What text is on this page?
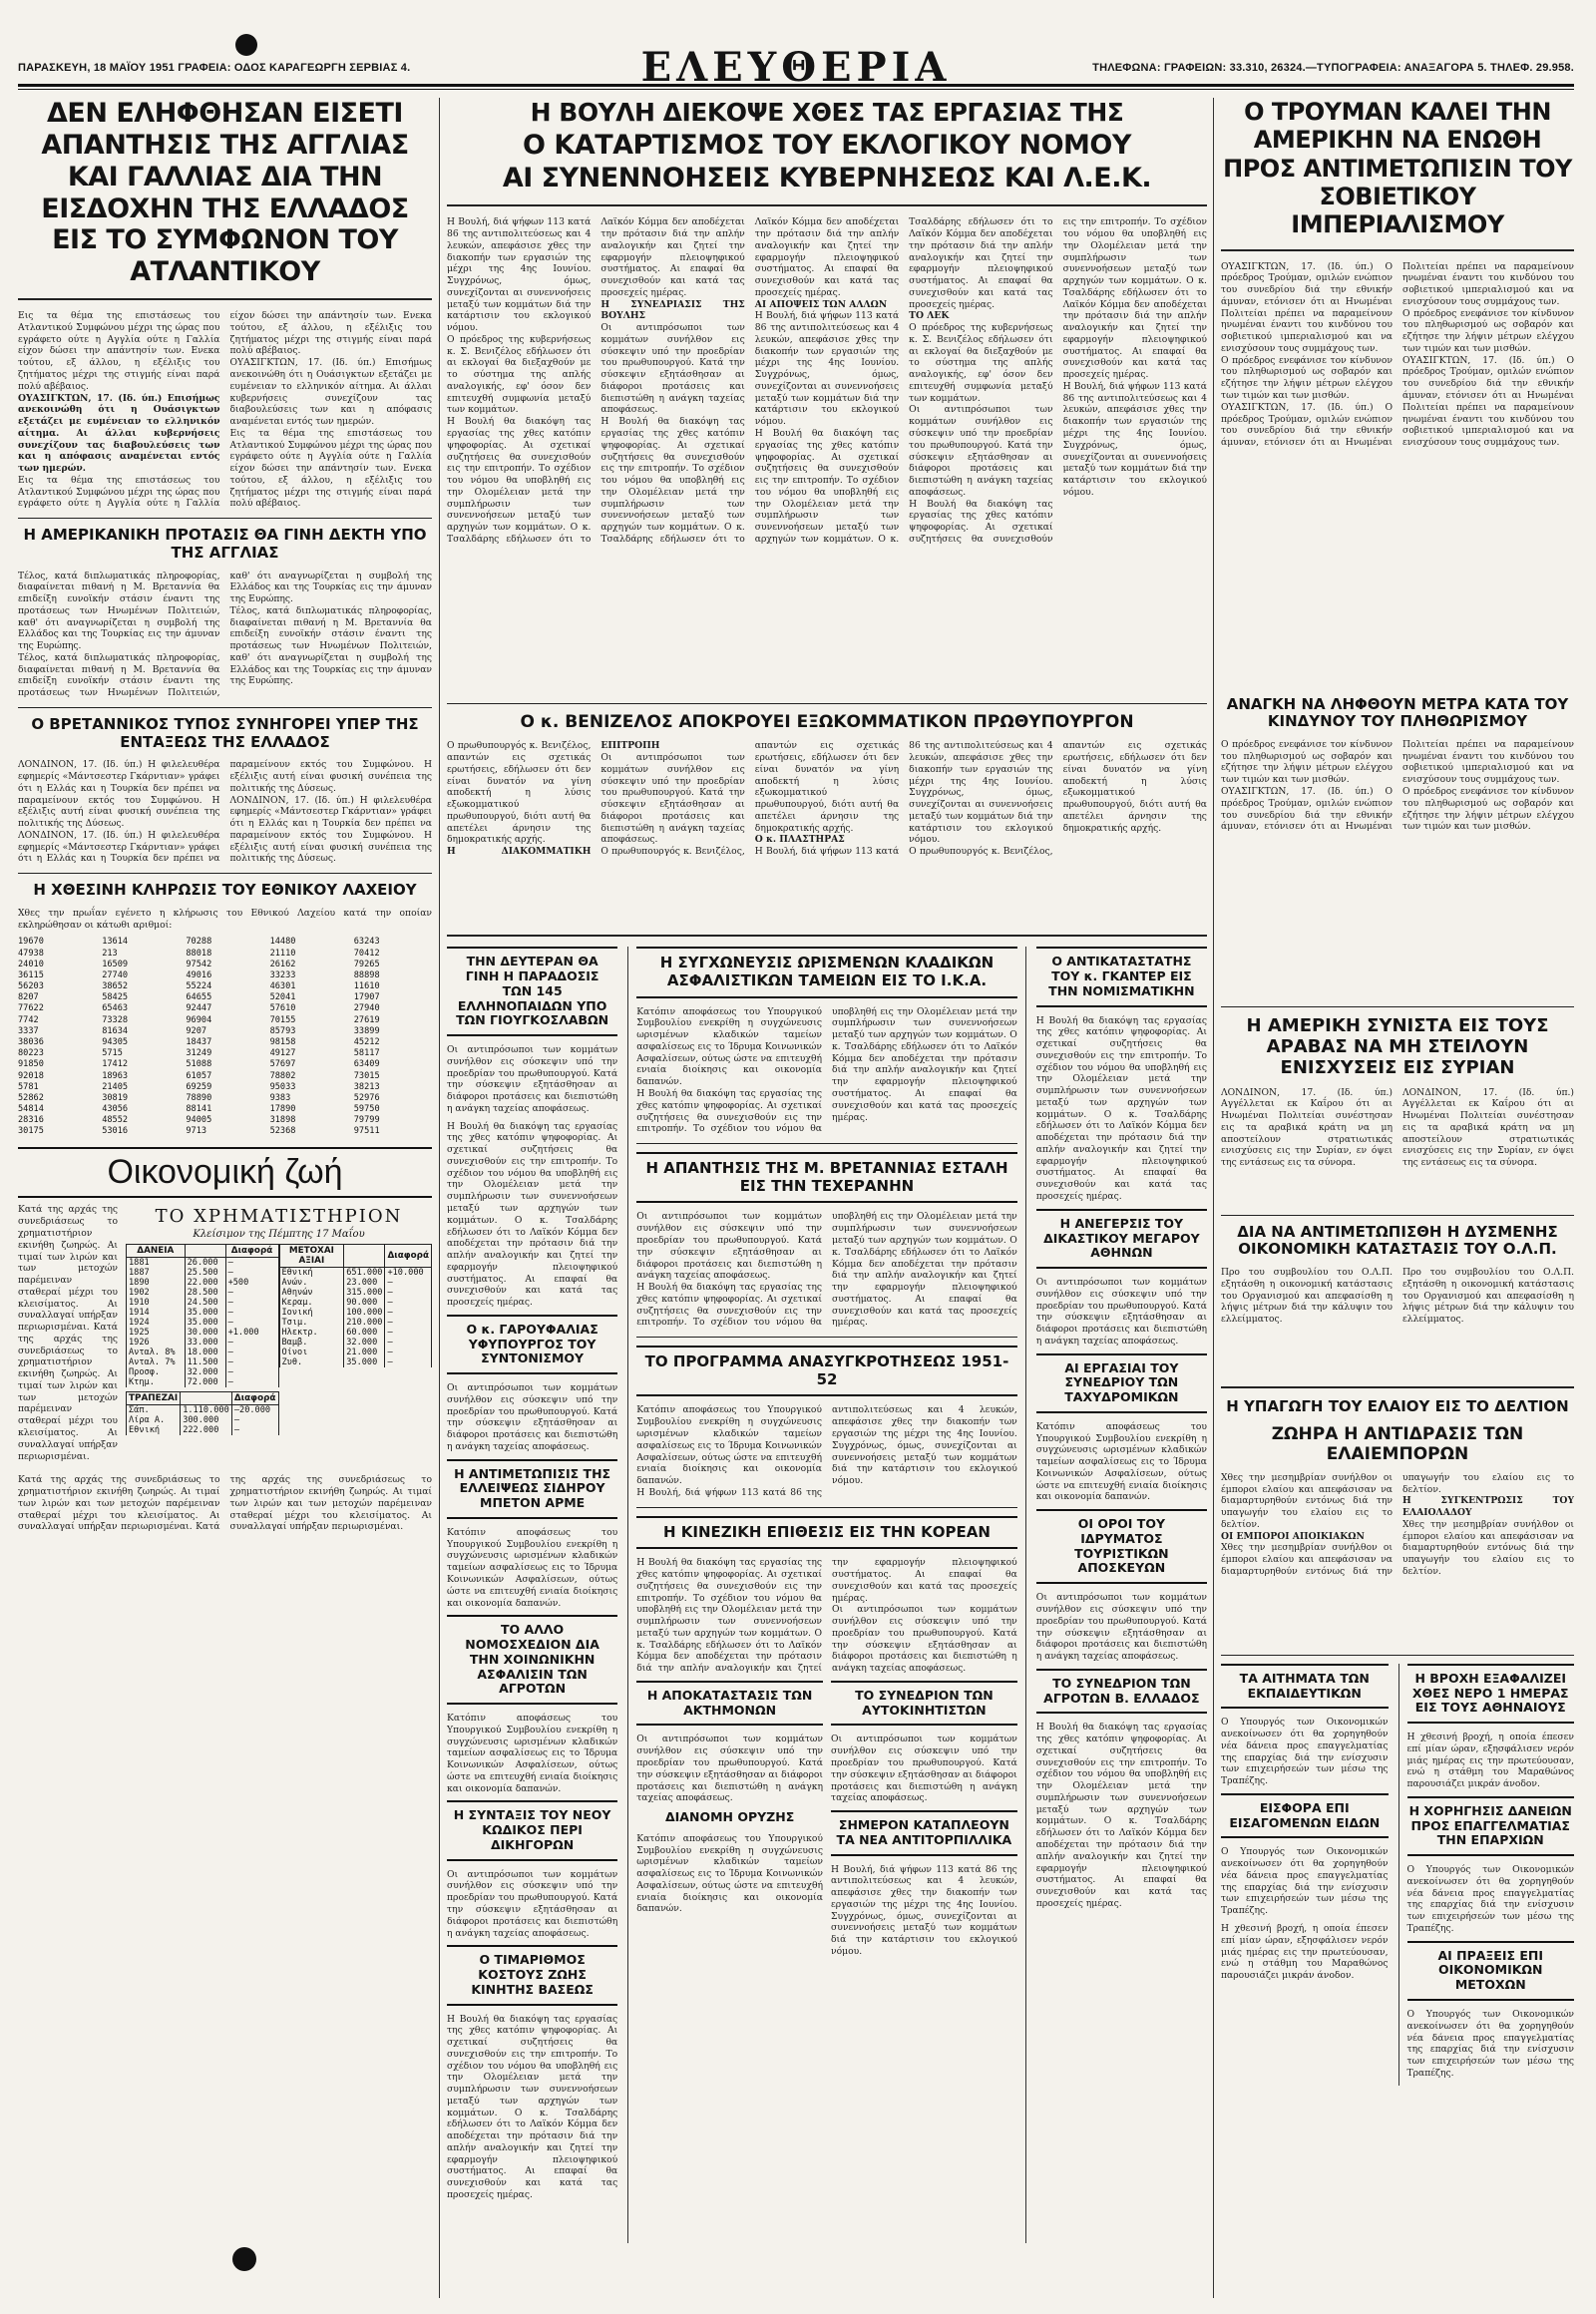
ΠΑΡΑΣΚΕΥΗ, 18 ΜΑΪΟΥ 1951 ΓΡΑΦΕΙΑ: ΟΔΟΣ ΚΑΡΑΓΕΩΡΓΗ ΣΕΡΒΙΑΣ 4.	ΕΛΕΥΘΕΡΙΑ	ΤΗΛΕΦΩΝΑ: ΓΡΑΦΕΙΩΝ: 33.310, 26324.—ΤΥΠΟΓΡΑΦΕΙΑ: ΑΝΑΞΑΓΟΡΑ 5. ΤΗΛΕΦ. 29.958.
ΔΕΝ ΕΛΗΦΘΗΣΑΝ ΕΙΣΕΤΙ ΑΠΑΝΤΗΣΙΣ ΤΗΣ ΑΓΓΛΙΑΣ ΚΑΙ ΓΑΛΛΙΑΣ ΔΙΑ ΤΗΝ ΕΙΣΔΟΧΗΝ ΤΗΣ ΕΛΛΑΔΟΣ ΕΙΣ ΤΟ ΣΥΜΦΩΝΟΝ ΤΟΥ ΑΤΛΑΝΤΙΚΟΥ
Εις τα θέμα της επιστάσεως του Ατλαντικού Συμφώνου μέχρι της ώρας που εγράφετο ούτε η Αγγλία ούτε η Γαλλία είχον δώσει την απάντησίν των. Ενεκα τούτου, εξ άλλου, η εξέλιξις του ζητήματος μέχρι της στιγμής είναι παρά πολύ αβέβαιος.
ΟΥΑΣΙΓΚΤΩΝ, 17. (Ιδ. ύπ.) Επισήμως ανεκοινώθη ότι η Ουάσιγκτων εξετάζει με ευμένειαν το ελληνικόν αίτημα. Αι άλλαι κυβερνήσεις συνεχίζουν τας διαβουλεύσεις των και η απόφασις αναμένεται εντός των ημερών.
Εις τα θέμα της επιστάσεως του Ατλαντικού Συμφώνου μέχρι της ώρας που εγράφετο ούτε η Αγγλία ούτε η Γαλλία είχον δώσει την απάντησίν των. Ενεκα τούτου, εξ άλλου, η εξέλιξις του ζητήματος μέχρι της στιγμής είναι παρά πολύ αβέβαιος.
ΟΥΑΣΙΓΚΤΩΝ, 17. (Ιδ. ύπ.) Επισήμως ανεκοινώθη ότι η Ουάσιγκτων εξετάζει με ευμένειαν το ελληνικόν αίτημα. Αι άλλαι κυβερνήσεις συνεχίζουν τας διαβουλεύσεις των και η απόφασις αναμένεται εντός των ημερών.
Εις τα θέμα της επιστάσεως του Ατλαντικού Συμφώνου μέχρι της ώρας που εγράφετο ούτε η Αγγλία ούτε η Γαλλία είχον δώσει την απάντησίν των. Ενεκα τούτου, εξ άλλου, η εξέλιξις του ζητήματος μέχρι της στιγμής είναι παρά πολύ αβέβαιος.
Η ΑΜΕΡΙΚΑΝΙΚΗ ΠΡΟΤΑΣΙΣ ΘΑ ΓΙΝΗ ΔΕΚΤΗ ΥΠΟ ΤΗΣ ΑΓΓΛΙΑΣ
Τέλος, κατά διπλωματικάς πληροφορίας, διαφαίνεται πιθανή η Μ. Βρεταννία θα επιδείξη ευνοϊκήν στάσιν έναντι της προτάσεως των Ηνωμένων Πολιτειών, καθ' ότι αναγνωρίζεται η συμβολή της Ελλάδος και της Τουρκίας εις την άμυναν της Ευρώπης.
Τέλος, κατά διπλωματικάς πληροφορίας, διαφαίνεται πιθανή η Μ. Βρεταννία θα επιδείξη ευνοϊκήν στάσιν έναντι της προτάσεως των Ηνωμένων Πολιτειών, καθ' ότι αναγνωρίζεται η συμβολή της Ελλάδος και της Τουρκίας εις την άμυναν της Ευρώπης.
Τέλος, κατά διπλωματικάς πληροφορίας, διαφαίνεται πιθανή η Μ. Βρεταννία θα επιδείξη ευνοϊκήν στάσιν έναντι της προτάσεως των Ηνωμένων Πολιτειών, καθ' ότι αναγνωρίζεται η συμβολή της Ελλάδος και της Τουρκίας εις την άμυναν της Ευρώπης.
Ο ΒΡΕΤΑΝΝΙΚΟΣ ΤΥΠΟΣ ΣΥΝΗΓΟΡΕΙ ΥΠΕΡ ΤΗΣ ΕΝΤΑΞΕΩΣ ΤΗΣ ΕΛΛΑΔΟΣ
ΛΟΝΔΙΝΟΝ, 17. (Ιδ. ύπ.) Η φιλελευθέρα εφημερίς «Μάντσεστερ Γκάρντιαν» γράφει ότι η Ελλάς και η Τουρκία δεν πρέπει να παραμείνουν εκτός του Συμφώνου. Η εξέλιξις αυτή είναι φυσική συνέπεια της πολιτικής της Δύσεως.
ΛΟΝΔΙΝΟΝ, 17. (Ιδ. ύπ.) Η φιλελευθέρα εφημερίς «Μάντσεστερ Γκάρντιαν» γράφει ότι η Ελλάς και η Τουρκία δεν πρέπει να παραμείνουν εκτός του Συμφώνου. Η εξέλιξις αυτή είναι φυσική συνέπεια της πολιτικής της Δύσεως.
ΛΟΝΔΙΝΟΝ, 17. (Ιδ. ύπ.) Η φιλελευθέρα εφημερίς «Μάντσεστερ Γκάρντιαν» γράφει ότι η Ελλάς και η Τουρκία δεν πρέπει να παραμείνουν εκτός του Συμφώνου. Η εξέλιξις αυτή είναι φυσική συνέπεια της πολιτικής της Δύσεως.
Η ΧΘΕΣΙΝΗ ΚΛΗΡΩΣΙΣ ΤΟΥ ΕΘΝΙΚΟΥ ΛΑΧΕΙΟΥ
Χθες την πρωΐαν εγένετο η κλήρωσις του Εθνικού Λαχείου κατά την οποίαν εκληρώθησαν οι κάτωθι αριθμοί:
19670
47938
24010
36115
56203
8207
77622
7742
3337
38036
80223
91850
92018
5781
52862
54814
28316
30175
13614
213
16509
27740
38652
58425
65463
73328
81634
94305
5715
17412
18963
21405
30819
43056
48552
53016
70288
88018
97542
49016
55224
64655
92447
96904
9207
18437
31249
51088
61057
69259
78890
88141
94005
9713
14480
21110
26162
33233
46301
52041
57610
70155
85793
98158
49127
57697
78802
95033
9383
17890
31898
52368
63243
70412
79265
88898
11610
17907
27940
27619
33899
45212
58117
63409
73015
38213
52976
59750
79799
97511

Οικονομική ζωή
Κατά της αρχάς της συνεδριάσεως το χρηματιστήριον εκινήθη ζωηρώς. Αι τιμαί των λιρών και των μετοχών παρέμειναν σταθεραί μέχρι του κλεισίματος. Αι συναλλαγαί υπήρξαν περιωρισμέναι. Κατά της αρχάς της συνεδριάσεως το χρηματιστήριον εκινήθη ζωηρώς. Αι τιμαί των λιρών και των μετοχών παρέμειναν σταθεραί μέχρι του κλεισίματος. Αι συναλλαγαί υπήρξαν περιωρισμέναι.
ΤΟ ΧΡΗΜΑΤΙΣΤΗΡΙΟΝ
Κλείσιμον της Πέμπτης 17 Μαΐου
ΔΑΝΕΙΑ		Διαφορά
1881	26.000	—
1887	25.500	—
1890	22.000	+500
1902	28.500	—
1910	24.500	—
1914	35.000	—
1924	35.000	—
1925	30.000	+1.000
1926	33.000	—
Ανταλ. 8%	18.000	—
Ανταλ. 7%	11.500	—
Προσφ.	32.000	—
Κτημ.	72.000	—
ΜΕΤΟΧΑΙ ΑΞΙΑΙ		Διαφορά
Εθνική	651.000	+10.000
Ανών.	23.000	—
Αθηνών	315.000	—
Κεραμ.	90.000	—
Ιονική	100.000	—
Τσιμ.	210.000	—
Ηλεκτρ.	60.000	—
Βαμβ.	32.000	—
Οίνοι	21.000	—
Ζυθ.	35.000	—
ΤΡΑΠΕΖΑΙ		Διαφορά
Σάπ.	1.110.000	—20.000
Λίρα Α.	300.000	—
Εθνική	222.000	—
Κατά της αρχάς της συνεδριάσεως το χρηματιστήριον εκινήθη ζωηρώς. Αι τιμαί των λιρών και των μετοχών παρέμειναν σταθεραί μέχρι του κλεισίματος. Αι συναλλαγαί υπήρξαν περιωρισμέναι. Κατά της αρχάς της συνεδριάσεως το χρηματιστήριον εκινήθη ζωηρώς. Αι τιμαί των λιρών και των μετοχών παρέμειναν σταθεραί μέχρι του κλεισίματος. Αι συναλλαγαί υπήρξαν περιωρισμέναι.
Η ΒΟΥΛΗ ΔΙΕΚΟΨΕ ΧΘΕΣ ΤΑΣ ΕΡΓΑΣΙΑΣ ΤΗΣ
Ο ΚΑΤΑΡΤΙΣΜΟΣ ΤΟΥ ΕΚΛΟΓΙΚΟΥ ΝΟΜΟΥ
ΑΙ ΣΥΝΕΝΝΟΗΣΕΙΣ ΚΥΒΕΡΝΗΣΕΩΣ ΚΑΙ Λ.Ε.Κ.
Η Βουλή, διά ψήφων 113 κατά 86 της αντιπολιτεύσεως και 4 λευκών, απεφάσισε χθες την διακοπήν των εργασιών της μέχρι της 4ης Ιουνίου. Συγχρόνως, όμως, συνεχίζονται αι συνεννοήσεις μεταξύ των κομμάτων διά την κατάρτισιν του εκλογικού νόμου.
Ο πρόεδρος της κυβερνήσεως κ. Σ. Βενιζέλος εδήλωσεν ότι αι εκλογαί θα διεξαχθούν με το σύστημα της απλής αναλογικής, εφ' όσον δεν επιτευχθή συμφωνία μεταξύ των κομμάτων.
Η Βουλή θα διακόψη τας εργασίας της χθες κατόπιν ψηφοφορίας. Αι σχετικαί συζητήσεις θα συνεχισθούν εις την επιτροπήν. Το σχέδιον του νόμου θα υποβληθή εις την Ολομέλειαν μετά την συμπλήρωσιν των συνεννοήσεων μεταξύ των αρχηγών των κομμάτων. Ο κ. Τσαλδάρης εδήλωσεν ότι το Λαϊκόν Κόμμα δεν αποδέχεται την πρότασιν διά την απλήν αναλογικήν και ζητεί την εφαρμογήν πλειοψηφικού συστήματος. Αι επαφαί θα συνεχισθούν και κατά τας προσεχείς ημέρας.
Η ΣΥΝΕΔΡΙΑΣΙΣ ΤΗΣ ΒΟΥΛΗΣ
Οι αντιπρόσωποι των κομμάτων συνήλθον εις σύσκεψιν υπό την προεδρίαν του πρωθυπουργού. Κατά την σύσκεψιν εξητάσθησαν αι διάφοροι προτάσεις και διεπιστώθη η ανάγκη ταχείας αποφάσεως.
Η Βουλή θα διακόψη τας εργασίας της χθες κατόπιν ψηφοφορίας. Αι σχετικαί συζητήσεις θα συνεχισθούν εις την επιτροπήν. Το σχέδιον του νόμου θα υποβληθή εις την Ολομέλειαν μετά την συμπλήρωσιν των συνεννοήσεων μεταξύ των αρχηγών των κομμάτων. Ο κ. Τσαλδάρης εδήλωσεν ότι το Λαϊκόν Κόμμα δεν αποδέχεται την πρότασιν διά την απλήν αναλογικήν και ζητεί την εφαρμογήν πλειοψηφικού συστήματος. Αι επαφαί θα συνεχισθούν και κατά τας προσεχείς ημέρας.
ΑΙ ΑΠΟΨΕΙΣ ΤΩΝ ΑΛΛΩΝ
Η Βουλή, διά ψήφων 113 κατά 86 της αντιπολιτεύσεως και 4 λευκών, απεφάσισε χθες την διακοπήν των εργασιών της μέχρι της 4ης Ιουνίου. Συγχρόνως, όμως, συνεχίζονται αι συνεννοήσεις μεταξύ των κομμάτων διά την κατάρτισιν του εκλογικού νόμου.
Η Βουλή θα διακόψη τας εργασίας της χθες κατόπιν ψηφοφορίας. Αι σχετικαί συζητήσεις θα συνεχισθούν εις την επιτροπήν. Το σχέδιον του νόμου θα υποβληθή εις την Ολομέλειαν μετά την συμπλήρωσιν των συνεννοήσεων μεταξύ των αρχηγών των κομμάτων. Ο κ. Τσαλδάρης εδήλωσεν ότι το Λαϊκόν Κόμμα δεν αποδέχεται την πρότασιν διά την απλήν αναλογικήν και ζητεί την εφαρμογήν πλειοψηφικού συστήματος. Αι επαφαί θα συνεχισθούν και κατά τας προσεχείς ημέρας.
ΤΟ ΛΕΚ
Ο πρόεδρος της κυβερνήσεως κ. Σ. Βενιζέλος εδήλωσεν ότι αι εκλογαί θα διεξαχθούν με το σύστημα της απλής αναλογικής, εφ' όσον δεν επιτευχθή συμφωνία μεταξύ των κομμάτων.
Οι αντιπρόσωποι των κομμάτων συνήλθον εις σύσκεψιν υπό την προεδρίαν του πρωθυπουργού. Κατά την σύσκεψιν εξητάσθησαν αι διάφοροι προτάσεις και διεπιστώθη η ανάγκη ταχείας αποφάσεως.
Η Βουλή θα διακόψη τας εργασίας της χθες κατόπιν ψηφοφορίας. Αι σχετικαί συζητήσεις θα συνεχισθούν εις την επιτροπήν. Το σχέδιον του νόμου θα υποβληθή εις την Ολομέλειαν μετά την συμπλήρωσιν των συνεννοήσεων μεταξύ των αρχηγών των κομμάτων. Ο κ. Τσαλδάρης εδήλωσεν ότι το Λαϊκόν Κόμμα δεν αποδέχεται την πρότασιν διά την απλήν αναλογικήν και ζητεί την εφαρμογήν πλειοψηφικού συστήματος. Αι επαφαί θα συνεχισθούν και κατά τας προσεχείς ημέρας.
Η Βουλή, διά ψήφων 113 κατά 86 της αντιπολιτεύσεως και 4 λευκών, απεφάσισε χθες την διακοπήν των εργασιών της μέχρι της 4ης Ιουνίου. Συγχρόνως, όμως, συνεχίζονται αι συνεννοήσεις μεταξύ των κομμάτων διά την κατάρτισιν του εκλογικού νόμου.
Ο κ. ΒΕΝΙΖΕΛΟΣ ΑΠΟΚΡΟΥΕΙ ΕΞΩΚΟΜΜΑΤΙΚΟΝ ΠΡΩΘΥΠΟΥΡΓΟΝ
Ο πρωθυπουργός κ. Βενιζέλος, απαντών εις σχετικάς ερωτήσεις, εδήλωσεν ότι δεν είναι δυνατόν να γίνη αποδεκτή η λύσις εξωκομματικού πρωθυπουργού, διότι αυτή θα απετέλει άρνησιν της δημοκρατικής αρχής.
Η ΔΙΑΚΟΜΜΑΤΙΚΗ ΕΠΙΤΡΟΠΗ
Οι αντιπρόσωποι των κομμάτων συνήλθον εις σύσκεψιν υπό την προεδρίαν του πρωθυπουργού. Κατά την σύσκεψιν εξητάσθησαν αι διάφοροι προτάσεις και διεπιστώθη η ανάγκη ταχείας αποφάσεως.
Ο πρωθυπουργός κ. Βενιζέλος, απαντών εις σχετικάς ερωτήσεις, εδήλωσεν ότι δεν είναι δυνατόν να γίνη αποδεκτή η λύσις εξωκομματικού πρωθυπουργού, διότι αυτή θα απετέλει άρνησιν της δημοκρατικής αρχής.
Ο κ. ΠΛΑΣΤΗΡΑΣ
Η Βουλή, διά ψήφων 113 κατά 86 της αντιπολιτεύσεως και 4 λευκών, απεφάσισε χθες την διακοπήν των εργασιών της μέχρι της 4ης Ιουνίου. Συγχρόνως, όμως, συνεχίζονται αι συνεννοήσεις μεταξύ των κομμάτων διά την κατάρτισιν του εκλογικού νόμου.
Ο πρωθυπουργός κ. Βενιζέλος, απαντών εις σχετικάς ερωτήσεις, εδήλωσεν ότι δεν είναι δυνατόν να γίνη αποδεκτή η λύσις εξωκομματικού πρωθυπουργού, διότι αυτή θα απετέλει άρνησιν της δημοκρατικής αρχής.
ΤΗΝ ΔΕΥΤΕΡΑΝ ΘΑ ΓΙΝΗ Η ΠΑΡΑΔΟΣΙΣ ΤΩΝ 145 ΕΛΛΗΝΟΠΑΙΔΩΝ ΥΠΟ ΤΩΝ ΓΙΟΥΓΚΟΣΛΑΒΩΝ
Οι αντιπρόσωποι των κομμάτων συνήλθον εις σύσκεψιν υπό την προεδρίαν του πρωθυπουργού. Κατά την σύσκεψιν εξητάσθησαν αι διάφοροι προτάσεις και διεπιστώθη η ανάγκη ταχείας αποφάσεως.
Η Βουλή θα διακόψη τας εργασίας της χθες κατόπιν ψηφοφορίας. Αι σχετικαί συζητήσεις θα συνεχισθούν εις την επιτροπήν. Το σχέδιον του νόμου θα υποβληθή εις την Ολομέλειαν μετά την συμπλήρωσιν των συνεννοήσεων μεταξύ των αρχηγών των κομμάτων. Ο κ. Τσαλδάρης εδήλωσεν ότι το Λαϊκόν Κόμμα δεν αποδέχεται την πρότασιν διά την απλήν αναλογικήν και ζητεί την εφαρμογήν πλειοψηφικού συστήματος. Αι επαφαί θα συνεχισθούν και κατά τας προσεχείς ημέρας.
Ο κ. ΓΑΡΟΥΦΑΛΙΑΣ ΥΦΥΠΟΥΡΓΟΣ ΤΟΥ ΣΥΝΤΟΝΙΣΜΟΥ
Οι αντιπρόσωποι των κομμάτων συνήλθον εις σύσκεψιν υπό την προεδρίαν του πρωθυπουργού. Κατά την σύσκεψιν εξητάσθησαν αι διάφοροι προτάσεις και διεπιστώθη η ανάγκη ταχείας αποφάσεως.
Η ΑΝΤΙΜΕΤΩΠΙΣΙΣ ΤΗΣ ΕΛΛΕΙΨΕΩΣ ΣΙΔΗΡΟΥ ΜΠΕΤΟΝ ΑΡΜΕ
Κατόπιν αποφάσεως του Υπουργικού Συμβουλίου ενεκρίθη η συγχώνευσις ωρισμένων κλαδικών ταμείων ασφαλίσεως εις το Ίδρυμα Κοινωνικών Ασφαλίσεων, ούτως ώστε να επιτευχθή ενιαία διοίκησις και οικονομία δαπανών.
ΤΟ ΑΛΛΟ ΝΟΜΟΣΧΕΔΙΟΝ ΔΙΑ ΤΗΝ ΧΟΙΝΩΝΙΚΗΝ ΑΣΦΑΛΙΣΙΝ ΤΩΝ ΑΓΡΟΤΩΝ
Κατόπιν αποφάσεως του Υπουργικού Συμβουλίου ενεκρίθη η συγχώνευσις ωρισμένων κλαδικών ταμείων ασφαλίσεως εις το Ίδρυμα Κοινωνικών Ασφαλίσεων, ούτως ώστε να επιτευχθή ενιαία διοίκησις και οικονομία δαπανών.
Η ΣΥΝΤΑΞΙΣ ΤΟΥ ΝΕΟΥ ΚΩΔΙΚΟΣ ΠΕΡΙ ΔΙΚΗΓΟΡΩΝ
Οι αντιπρόσωποι των κομμάτων συνήλθον εις σύσκεψιν υπό την προεδρίαν του πρωθυπουργού. Κατά την σύσκεψιν εξητάσθησαν αι διάφοροι προτάσεις και διεπιστώθη η ανάγκη ταχείας αποφάσεως.
Ο ΤΙΜΑΡΙΘΜΟΣ ΚΟΣΤΟΥΣ ΖΩΗΣ ΚΙΝΗΤΗΣ ΒΑΣΕΩΣ
Η Βουλή θα διακόψη τας εργασίας της χθες κατόπιν ψηφοφορίας. Αι σχετικαί συζητήσεις θα συνεχισθούν εις την επιτροπήν. Το σχέδιον του νόμου θα υποβληθή εις την Ολομέλειαν μετά την συμπλήρωσιν των συνεννοήσεων μεταξύ των αρχηγών των κομμάτων. Ο κ. Τσαλδάρης εδήλωσεν ότι το Λαϊκόν Κόμμα δεν αποδέχεται την πρότασιν διά την απλήν αναλογικήν και ζητεί την εφαρμογήν πλειοψηφικού συστήματος. Αι επαφαί θα συνεχισθούν και κατά τας προσεχείς ημέρας.
Η ΣΥΓΧΩΝΕΥΣΙΣ ΩΡΙΣΜΕΝΩΝ ΚΛΑΔΙΚΩΝ ΑΣΦΑΛΙΣΤΙΚΩΝ ΤΑΜΕΙΩΝ ΕΙΣ ΤΟ Ι.Κ.Α.
Κατόπιν αποφάσεως του Υπουργικού Συμβουλίου ενεκρίθη η συγχώνευσις ωρισμένων κλαδικών ταμείων ασφαλίσεως εις το Ίδρυμα Κοινωνικών Ασφαλίσεων, ούτως ώστε να επιτευχθή ενιαία διοίκησις και οικονομία δαπανών.
Η Βουλή θα διακόψη τας εργασίας της χθες κατόπιν ψηφοφορίας. Αι σχετικαί συζητήσεις θα συνεχισθούν εις την επιτροπήν. Το σχέδιον του νόμου θα υποβληθή εις την Ολομέλειαν μετά την συμπλήρωσιν των συνεννοήσεων μεταξύ των αρχηγών των κομμάτων. Ο κ. Τσαλδάρης εδήλωσεν ότι το Λαϊκόν Κόμμα δεν αποδέχεται την πρότασιν διά την απλήν αναλογικήν και ζητεί την εφαρμογήν πλειοψηφικού συστήματος. Αι επαφαί θα συνεχισθούν και κατά τας προσεχείς ημέρας.
Η ΑΠΑΝΤΗΣΙΣ ΤΗΣ Μ. ΒΡΕΤΑΝΝΙΑΣ ΕΣΤΑΛΗ ΕΙΣ ΤΗΝ ΤΕΧΕΡΑΝΗΝ
Οι αντιπρόσωποι των κομμάτων συνήλθον εις σύσκεψιν υπό την προεδρίαν του πρωθυπουργού. Κατά την σύσκεψιν εξητάσθησαν αι διάφοροι προτάσεις και διεπιστώθη η ανάγκη ταχείας αποφάσεως.
Η Βουλή θα διακόψη τας εργασίας της χθες κατόπιν ψηφοφορίας. Αι σχετικαί συζητήσεις θα συνεχισθούν εις την επιτροπήν. Το σχέδιον του νόμου θα υποβληθή εις την Ολομέλειαν μετά την συμπλήρωσιν των συνεννοήσεων μεταξύ των αρχηγών των κομμάτων. Ο κ. Τσαλδάρης εδήλωσεν ότι το Λαϊκόν Κόμμα δεν αποδέχεται την πρότασιν διά την απλήν αναλογικήν και ζητεί την εφαρμογήν πλειοψηφικού συστήματος. Αι επαφαί θα συνεχισθούν και κατά τας προσεχείς ημέρας.
ΤΟ ΠΡΟΓΡΑΜΜΑ ΑΝΑΣΥΓΚΡΟΤΗΣΕΩΣ 1951-52
Κατόπιν αποφάσεως του Υπουργικού Συμβουλίου ενεκρίθη η συγχώνευσις ωρισμένων κλαδικών ταμείων ασφαλίσεως εις το Ίδρυμα Κοινωνικών Ασφαλίσεων, ούτως ώστε να επιτευχθή ενιαία διοίκησις και οικονομία δαπανών.
Η Βουλή, διά ψήφων 113 κατά 86 της αντιπολιτεύσεως και 4 λευκών, απεφάσισε χθες την διακοπήν των εργασιών της μέχρι της 4ης Ιουνίου. Συγχρόνως, όμως, συνεχίζονται αι συνεννοήσεις μεταξύ των κομμάτων διά την κατάρτισιν του εκλογικού νόμου.
Η ΚΙΝΕΖΙΚΗ ΕΠΙΘΕΣΙΣ ΕΙΣ ΤΗΝ ΚΟΡΕΑΝ
Η Βουλή θα διακόψη τας εργασίας της χθες κατόπιν ψηφοφορίας. Αι σχετικαί συζητήσεις θα συνεχισθούν εις την επιτροπήν. Το σχέδιον του νόμου θα υποβληθή εις την Ολομέλειαν μετά την συμπλήρωσιν των συνεννοήσεων μεταξύ των αρχηγών των κομμάτων. Ο κ. Τσαλδάρης εδήλωσεν ότι το Λαϊκόν Κόμμα δεν αποδέχεται την πρότασιν διά την απλήν αναλογικήν και ζητεί την εφαρμογήν πλειοψηφικού συστήματος. Αι επαφαί θα συνεχισθούν και κατά τας προσεχείς ημέρας.
Οι αντιπρόσωποι των κομμάτων συνήλθον εις σύσκεψιν υπό την προεδρίαν του πρωθυπουργού. Κατά την σύσκεψιν εξητάσθησαν αι διάφοροι προτάσεις και διεπιστώθη η ανάγκη ταχείας αποφάσεως.
Η ΑΠΟΚΑΤΑΣΤΑΣΙΣ ΤΩΝ ΑΚΤΗΜΟΝΩΝ
Οι αντιπρόσωποι των κομμάτων συνήλθον εις σύσκεψιν υπό την προεδρίαν του πρωθυπουργού. Κατά την σύσκεψιν εξητάσθησαν αι διάφοροι προτάσεις και διεπιστώθη η ανάγκη ταχείας αποφάσεως.
ΔΙΑΝΟΜΗ ΟΡΥΖΗΣ
Κατόπιν αποφάσεως του Υπουργικού Συμβουλίου ενεκρίθη η συγχώνευσις ωρισμένων κλαδικών ταμείων ασφαλίσεως εις το Ίδρυμα Κοινωνικών Ασφαλίσεων, ούτως ώστε να επιτευχθή ενιαία διοίκησις και οικονομία δαπανών.
ΤΟ ΣΥΝΕΔΡΙΟΝ ΤΩΝ ΑΥΤΟΚΙΝΗΤΙΣΤΩΝ
Οι αντιπρόσωποι των κομμάτων συνήλθον εις σύσκεψιν υπό την προεδρίαν του πρωθυπουργού. Κατά την σύσκεψιν εξητάσθησαν αι διάφοροι προτάσεις και διεπιστώθη η ανάγκη ταχείας αποφάσεως.
ΣΗΜΕΡΟΝ ΚΑΤΑΠΛΕΟΥΝ ΤΑ ΝΕΑ ΑΝΤΙΤΟΡΠΙΛΛΙΚΑ
Η Βουλή, διά ψήφων 113 κατά 86 της αντιπολιτεύσεως και 4 λευκών, απεφάσισε χθες την διακοπήν των εργασιών της μέχρι της 4ης Ιουνίου. Συγχρόνως, όμως, συνεχίζονται αι συνεννοήσεις μεταξύ των κομμάτων διά την κατάρτισιν του εκλογικού νόμου.
Ο ΑΝΤΙΚΑΤΑΣΤΑΤΗΣ ΤΟΥ κ. ΓΚΑΝΤΕΡ ΕΙΣ ΤΗΝ ΝΟΜΙΣΜΑΤΙΚΗΝ
Η Βουλή θα διακόψη τας εργασίας της χθες κατόπιν ψηφοφορίας. Αι σχετικαί συζητήσεις θα συνεχισθούν εις την επιτροπήν. Το σχέδιον του νόμου θα υποβληθή εις την Ολομέλειαν μετά την συμπλήρωσιν των συνεννοήσεων μεταξύ των αρχηγών των κομμάτων. Ο κ. Τσαλδάρης εδήλωσεν ότι το Λαϊκόν Κόμμα δεν αποδέχεται την πρότασιν διά την απλήν αναλογικήν και ζητεί την εφαρμογήν πλειοψηφικού συστήματος. Αι επαφαί θα συνεχισθούν και κατά τας προσεχείς ημέρας.
Η ΑΝΕΓΕΡΣΙΣ ΤΟΥ ΔΙΚΑΣΤΙΚΟΥ ΜΕΓΑΡΟΥ ΑΘΗΝΩΝ
Οι αντιπρόσωποι των κομμάτων συνήλθον εις σύσκεψιν υπό την προεδρίαν του πρωθυπουργού. Κατά την σύσκεψιν εξητάσθησαν αι διάφοροι προτάσεις και διεπιστώθη η ανάγκη ταχείας αποφάσεως.
ΑΙ ΕΡΓΑΣΙΑΙ ΤΟΥ ΣΥΝΕΔΡΙΟΥ ΤΩΝ ΤΑΧΥΔΡΟΜΙΚΩΝ
Κατόπιν αποφάσεως του Υπουργικού Συμβουλίου ενεκρίθη η συγχώνευσις ωρισμένων κλαδικών ταμείων ασφαλίσεως εις το Ίδρυμα Κοινωνικών Ασφαλίσεων, ούτως ώστε να επιτευχθή ενιαία διοίκησις και οικονομία δαπανών.
ΟΙ ΟΡΟΙ ΤΟΥ ΙΔΡΥΜΑΤΟΣ ΤΟΥΡΙΣΤΙΚΩΝ ΑΠΟΣΚΕΥΩΝ
Οι αντιπρόσωποι των κομμάτων συνήλθον εις σύσκεψιν υπό την προεδρίαν του πρωθυπουργού. Κατά την σύσκεψιν εξητάσθησαν αι διάφοροι προτάσεις και διεπιστώθη η ανάγκη ταχείας αποφάσεως.
ΤΟ ΣΥΝΕΔΡΙΟΝ ΤΩΝ ΑΓΡΟΤΩΝ Β. ΕΛΛΑΔΟΣ
Η Βουλή θα διακόψη τας εργασίας της χθες κατόπιν ψηφοφορίας. Αι σχετικαί συζητήσεις θα συνεχισθούν εις την επιτροπήν. Το σχέδιον του νόμου θα υποβληθή εις την Ολομέλειαν μετά την συμπλήρωσιν των συνεννοήσεων μεταξύ των αρχηγών των κομμάτων. Ο κ. Τσαλδάρης εδήλωσεν ότι το Λαϊκόν Κόμμα δεν αποδέχεται την πρότασιν διά την απλήν αναλογικήν και ζητεί την εφαρμογήν πλειοψηφικού συστήματος. Αι επαφαί θα συνεχισθούν και κατά τας προσεχείς ημέρας.
Ο ΤΡΟΥΜΑΝ ΚΑΛΕΙ ΤΗΝ ΑΜΕΡΙΚΗΝ ΝΑ ΕΝΩΘΗ ΠΡΟΣ ΑΝΤΙΜΕΤΩΠΙΣΙΝ ΤΟΥ ΣΟΒΙΕΤΙΚΟΥ ΙΜΠΕΡΙΑΛΙΣΜΟΥ
ΟΥΑΣΙΓΚΤΩΝ, 17. (Ιδ. ύπ.) Ο πρόεδρος Τρούμαν, ομιλών ενώπιον του συνεδρίου διά την εθνικήν άμυναν, ετόνισεν ότι αι Ηνωμέναι Πολιτείαι πρέπει να παραμείνουν ηνωμέναι έναντι του κινδύνου του σοβιετικού ιμπεριαλισμού και να ενισχύσουν τους συμμάχους των.
Ο πρόεδρος ενεφάνισε τον κίνδυνον του πληθωρισμού ως σοβαρόν και εζήτησε την λήψιν μέτρων ελέγχου των τιμών και των μισθών.
ΟΥΑΣΙΓΚΤΩΝ, 17. (Ιδ. ύπ.) Ο πρόεδρος Τρούμαν, ομιλών ενώπιον του συνεδρίου διά την εθνικήν άμυναν, ετόνισεν ότι αι Ηνωμέναι Πολιτείαι πρέπει να παραμείνουν ηνωμέναι έναντι του κινδύνου του σοβιετικού ιμπεριαλισμού και να ενισχύσουν τους συμμάχους των.
Ο πρόεδρος ενεφάνισε τον κίνδυνον του πληθωρισμού ως σοβαρόν και εζήτησε την λήψιν μέτρων ελέγχου των τιμών και των μισθών.
ΟΥΑΣΙΓΚΤΩΝ, 17. (Ιδ. ύπ.) Ο πρόεδρος Τρούμαν, ομιλών ενώπιον του συνεδρίου διά την εθνικήν άμυναν, ετόνισεν ότι αι Ηνωμέναι Πολιτείαι πρέπει να παραμείνουν ηνωμέναι έναντι του κινδύνου του σοβιετικού ιμπεριαλισμού και να ενισχύσουν τους συμμάχους των.
ΑΝΑΓΚΗ ΝΑ ΛΗΦΘΟΥΝ ΜΕΤΡΑ ΚΑΤΑ ΤΟΥ ΚΙΝΔΥΝΟΥ ΤΟΥ ΠΛΗΘΩΡΙΣΜΟΥ
Ο πρόεδρος ενεφάνισε τον κίνδυνον του πληθωρισμού ως σοβαρόν και εζήτησε την λήψιν μέτρων ελέγχου των τιμών και των μισθών.
ΟΥΑΣΙΓΚΤΩΝ, 17. (Ιδ. ύπ.) Ο πρόεδρος Τρούμαν, ομιλών ενώπιον του συνεδρίου διά την εθνικήν άμυναν, ετόνισεν ότι αι Ηνωμέναι Πολιτείαι πρέπει να παραμείνουν ηνωμέναι έναντι του κινδύνου του σοβιετικού ιμπεριαλισμού και να ενισχύσουν τους συμμάχους των.
Ο πρόεδρος ενεφάνισε τον κίνδυνον του πληθωρισμού ως σοβαρόν και εζήτησε την λήψιν μέτρων ελέγχου των τιμών και των μισθών.
Η ΑΜΕΡΙΚΗ ΣΥΝΙΣΤΑ ΕΙΣ ΤΟΥΣ ΑΡΑΒΑΣ ΝΑ ΜΗ ΣΤΕΙΛΟΥΝ ΕΝΙΣΧΥΣΕΙΣ ΕΙΣ ΣΥΡΙΑΝ
ΛΟΝΔΙΝΟΝ, 17. (Ιδ. ύπ.) Αγγέλλεται εκ Καΐρου ότι αι Ηνωμέναι Πολιτείαι συνέστησαν εις τα αραβικά κράτη να μη αποστείλουν στρατιωτικάς ενισχύσεις εις την Συρίαν, εν όψει της εντάσεως εις τα σύνορα.
ΛΟΝΔΙΝΟΝ, 17. (Ιδ. ύπ.) Αγγέλλεται εκ Καΐρου ότι αι Ηνωμέναι Πολιτείαι συνέστησαν εις τα αραβικά κράτη να μη αποστείλουν στρατιωτικάς ενισχύσεις εις την Συρίαν, εν όψει της εντάσεως εις τα σύνορα.
ΔΙΑ ΝΑ ΑΝΤΙΜΕΤΩΠΙΣΘΗ Η ΔΥΣΜΕΝΗΣ ΟΙΚΟΝΟΜΙΚΗ ΚΑΤΑΣΤΑΣΙΣ ΤΟΥ Ο.Λ.Π.
Προ του συμβουλίου του Ο.Λ.Π. εξητάσθη η οικονομική κατάστασις του Οργανισμού και απεφασίσθη η λήψις μέτρων διά την κάλυψιν του ελλείμματος.
Προ του συμβουλίου του Ο.Λ.Π. εξητάσθη η οικονομική κατάστασις του Οργανισμού και απεφασίσθη η λήψις μέτρων διά την κάλυψιν του ελλείμματος.
Η ΥΠΑΓΩΓΗ ΤΟΥ ΕΛΑΙΟΥ ΕΙΣ ΤΟ ΔΕΛΤΙΟΝ
ΖΩΗΡΑ Η ΑΝΤΙΔΡΑΣΙΣ ΤΩΝ ΕΛΑΙΕΜΠΟΡΩΝ
Χθες την μεσημβρίαν συνήλθον οι έμποροι ελαίου και απεφάσισαν να διαμαρτυρηθούν εντόνως διά την υπαγωγήν του ελαίου εις το δελτίον.
ΟΙ ΕΜΠΟΡΟΙ ΑΠΟΙΚΙΑΚΩΝ
Χθες την μεσημβρίαν συνήλθον οι έμποροι ελαίου και απεφάσισαν να διαμαρτυρηθούν εντόνως διά την υπαγωγήν του ελαίου εις το δελτίον.
Η ΣΥΓΚΕΝΤΡΩΣΙΣ ΤΟΥ ΕΛΑΙΟΛΑΔΟΥ
Χθες την μεσημβρίαν συνήλθον οι έμποροι ελαίου και απεφάσισαν να διαμαρτυρηθούν εντόνως διά την υπαγωγήν του ελαίου εις το δελτίον.
ΤΑ ΑΙΤΗΜΑΤΑ ΤΩΝ ΕΚΠΑΙΔΕΥΤΙΚΩΝ
Ο Υπουργός των Οικονομικών ανεκοίνωσεν ότι θα χορηγηθούν νέα δάνεια προς επαγγελματίας της επαρχίας διά την ενίσχυσιν των επιχειρήσεών των μέσω της Τραπέζης.
ΕΙΣΦΟΡΑ ΕΠΙ ΕΙΣΑΓΟΜΕΝΩΝ ΕΙΔΩΝ
Ο Υπουργός των Οικονομικών ανεκοίνωσεν ότι θα χορηγηθούν νέα δάνεια προς επαγγελματίας της επαρχίας διά την ενίσχυσιν των επιχειρήσεών των μέσω της Τραπέζης.
Η χθεσινή βροχή, η οποία έπεσεν επί μίαν ώραν, εξησφάλισεν νερόν μιάς ημέρας εις την πρωτεύουσαν, ενώ η στάθμη του Μαραθώνος παρουσιάζει μικράν άνοδον.
Η ΒΡΟΧΗ ΕΞΑΦΑΛΙΖΕΙ ΧΘΕΣ ΝΕΡΟ 1 ΗΜΕΡΑΣ ΕΙΣ ΤΟΥΣ ΑΘΗΝΑΙΟΥΣ
Η χθεσινή βροχή, η οποία έπεσεν επί μίαν ώραν, εξησφάλισεν νερόν μιάς ημέρας εις την πρωτεύουσαν, ενώ η στάθμη του Μαραθώνος παρουσιάζει μικράν άνοδον.
Η ΧΟΡΗΓΗΣΙΣ ΔΑΝΕΙΩΝ ΠΡΟΣ ΕΠΑΓΓΕΛΜΑΤΙΑΣ ΤΗΝ ΕΠΑΡΧΙΩΝ
Ο Υπουργός των Οικονομικών ανεκοίνωσεν ότι θα χορηγηθούν νέα δάνεια προς επαγγελματίας της επαρχίας διά την ενίσχυσιν των επιχειρήσεών των μέσω της Τραπέζης.
ΑΙ ΠΡΑΞΕΙΣ ΕΠΙ ΟΙΚΟΝΟΜΙΚΩΝ ΜΕΤΟΧΩΝ
Ο Υπουργός των Οικονομικών ανεκοίνωσεν ότι θα χορηγηθούν νέα δάνεια προς επαγγελματίας της επαρχίας διά την ενίσχυσιν των επιχειρήσεών των μέσω της Τραπέζης.
